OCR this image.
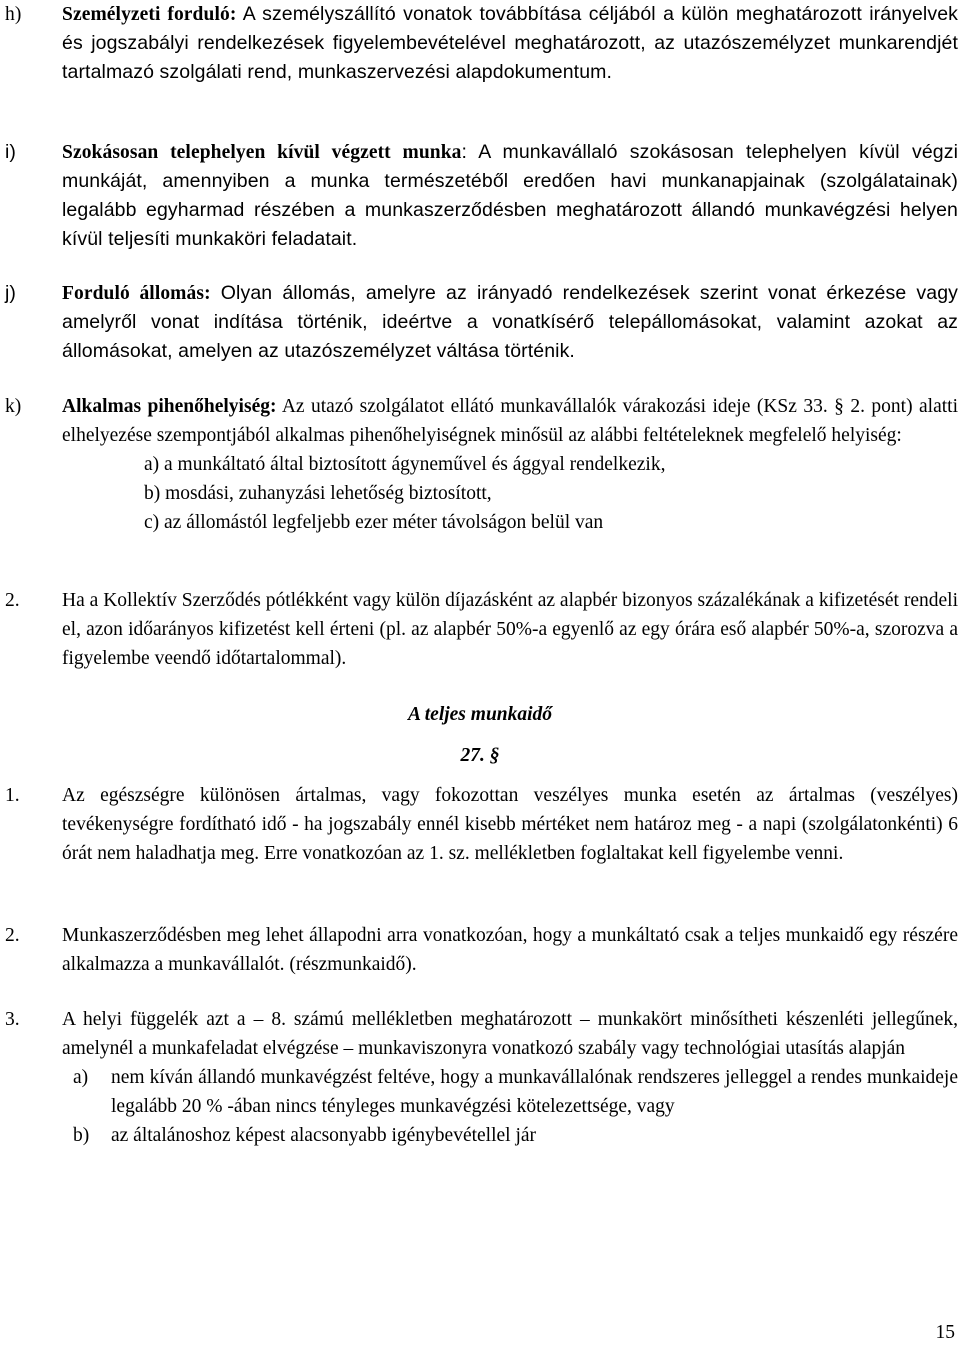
h) Személyzeti forduló: A személyszállító vonatok továbbítása céljából a külön meghatározott irányelvek és jogszabályi rendelkezések figyelembevételével meghatározott, az utazószemélyzet munkarendjét tartalmazó szolgálati rend, munkaszervezési alapdokumentum.
i) Szokásosan telephelyen kívül végzett munka: A munkavállaló szokásosan telephelyen kívül végzi munkáját, amennyiben a munka természetéből eredően havi munkanapjainak (szolgálatainak) legalább egyharmad részében a munkaszerződésben meghatározott állandó munkavégzési helyen kívül teljesíti munkaköri feladatait.
j) Forduló állomás: Olyan állomás, amelyre az irányadó rendelkezések szerint vonat érkezése vagy amelyről vonat indítása történik, ideértve a vonatkísérő telepállomásokat, valamint azokat az állomásokat, amelyen az utazószemélyzet váltása történik.
k) Alkalmas pihenőhelyiség: Az utazó szolgálatot ellátó munkavállalók várakozási ideje (KSz 33. § 2. pont) alatti elhelyezése szempontjából alkalmas pihenőhelyiségnek minősül az alábbi feltételeknek megfelelő helyiség:
a) a munkáltató által biztosított ágyneművel és ággyal rendelkezik,
b) mosdási, zuhanyzási lehetőség biztosított,
c) az állomástól legfeljebb ezer méter távolságon belül van
2. Ha a Kollektív Szerződés pótlékként vagy külön díjazásként az alapbér bizonyos százalékának a kifizetését rendeli el, azon időarányos kifizetést kell érteni (pl. az alapbér 50%-a egyenlő az egy órára eső alapbér 50%-a, szorozva a figyelembe veendő időtartalommal).
A teljes munkaidő
27. §
1. Az egészségre különösen ártalmas, vagy fokozottan veszélyes munka esetén az ártalmas (veszélyes) tevékenységre fordítható idő - ha jogszabály ennél kisebb mértéket nem határoz meg - a napi (szolgálatonkénti) 6 órát nem haladhatja meg. Erre vonatkozóan az 1. sz. mellékletben foglaltakat kell figyelembe venni.
2. Munkaszerződésben meg lehet állapodni arra vonatkozóan, hogy a munkáltató csak a teljes munkaidő egy részére alkalmazza a munkavállalót. (részmunkaidő).
3. A helyi függelék azt a – 8. számú mellékletben meghatározott – munkakört minősítheti készenléti jellegűnek, amelynél a munkafeladat elvégzése – munkaviszonyra vonatkozó szabály vagy technológiai utasítás alapján
a) nem kíván állandó munkavégzést feltéve, hogy a munkavállalónak rendszeres jelleggel a rendes munkaideje legalább 20 % -ában nincs tényleges munkavégzési kötelezettsége, vagy
b) az általánoshoz képest alacsonyabb igénybevétellel jár
15
